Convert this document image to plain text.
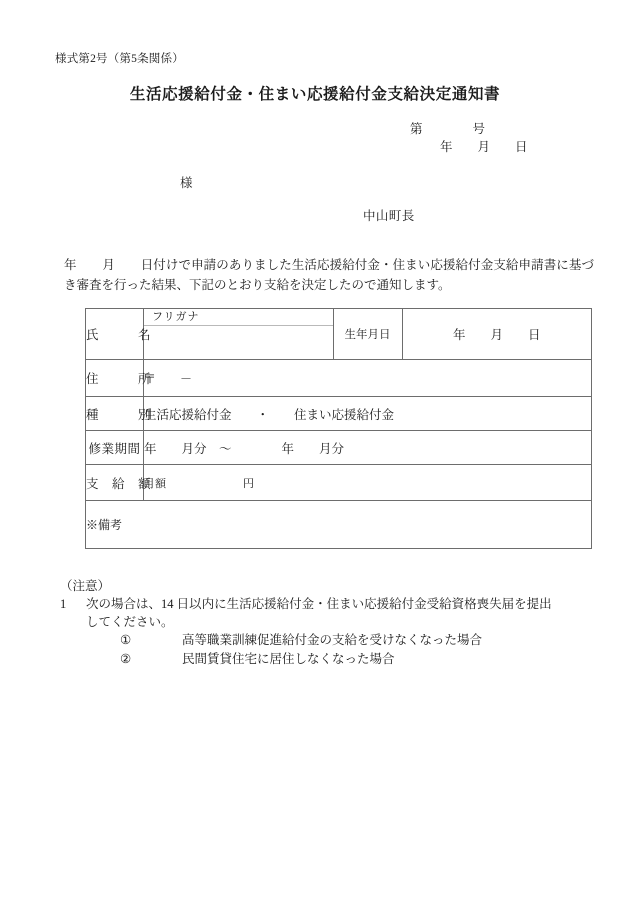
様式第2号（第5条関係）
生活応援給付金・住まい応援給付金支給決定通知書
第                号
年        月        日
様
中山町長
年        月        日付けで申請のありました生活応援給付金・住まい応援給付金支給申請書に基づき審査を行った結果、下記のとおり支給を決定したので通知します。
氏　　　名	フリガナ	生年月日	年        月        日
住　　　所	〒        －		
種　　　別	生活応援給付金　　・　　住まい応援給付金		
修業期間	年　　月分　～　　　　年　　月分		
支　給　額	月額　　　　　　　円		
※備考			
（注意）
1	次の場合は、14 日以内に生活応援給付金・住まい応援給付金受給資格喪失届を提出
してください。
①	高等職業訓練促進給付金の支給を受けなくなった場合
②	民間賃貸住宅に居住しなくなった場合
